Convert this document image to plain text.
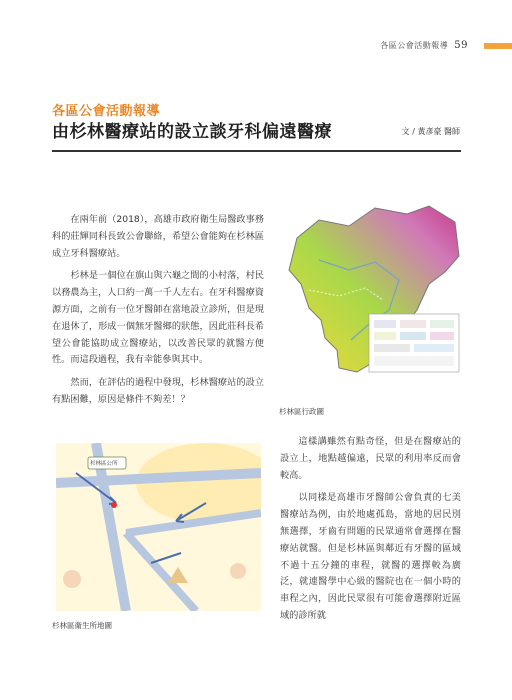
各區公會活動報導 59
各區公會活動報導
由杉林醫療站的設立談牙科偏遠醫療	文 / 黃彥豪 醫師

在兩年前（2018），高雄市政府衛生局醫政事務科的莊輝同科長致公會聯絡，希望公會能夠在杉林區成立牙科醫療站。

杉林是一個位在旗山與六龜之間的小村落，村民以務農為主，人口約一萬一千人左右。在牙科醫療資源方面，之前有一位牙醫師在當地設立診所，但是現在退休了，形成一個無牙醫鄉的狀態，因此莊科長希望公會能協助成立醫療站，以改善民眾的就醫方便性。而這段過程，我有幸能參與其中。

然而，在評估的過程中發現，杉林醫療站的設立有點困難，原因是條件不夠差！？

杉林區行政圖
杉林區公所
杉林區衛生所地圖

這樣講雖然有點奇怪，但是在醫療站的設立上，地點越偏遠，民眾的利用率反而會較高。

以同樣是高雄市牙醫師公會負責的七美醫療站為例，由於地處孤島，當地的居民別無選擇，牙齒有問題的民眾通常會選擇在醫療站就醫。但是杉林區與鄰近有牙醫的區域不過十五分鐘的車程，就醫的選擇較為廣泛，就連醫學中心級的醫院也在一個小時的車程之內，因此民眾很有可能會選擇附近區域的診所就
